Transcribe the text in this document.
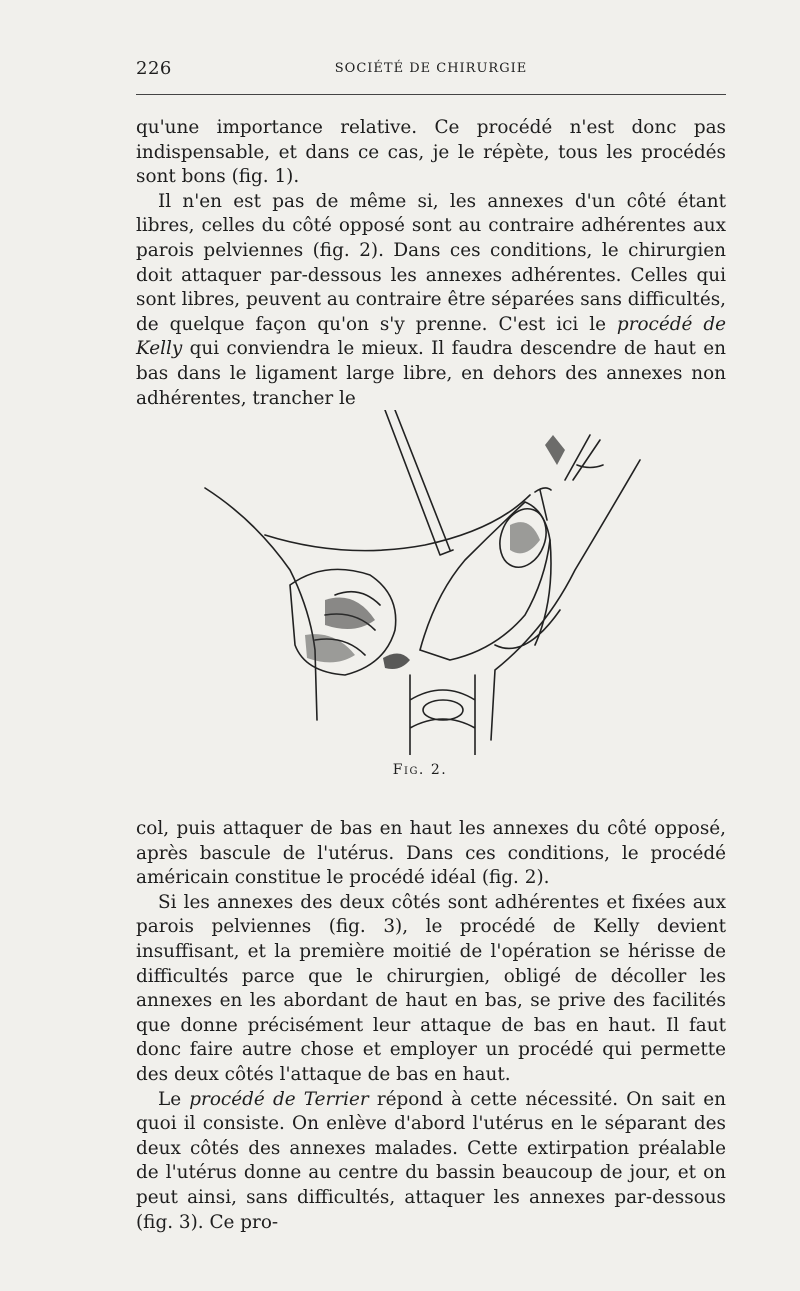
226	SOCIÉTÉ DE CHIRURGIE

qu'une importance relative. Ce procédé n'est donc pas indispensable, et dans ce cas, je le répète, tous les procédés sont bons (fig. 1).

Il n'en est pas de même si, les annexes d'un côté étant libres, celles du côté opposé sont au contraire adhérentes aux parois pelviennes (fig. 2). Dans ces conditions, le chirurgien doit attaquer par-dessous les annexes adhérentes. Celles qui sont libres, peuvent au contraire être séparées sans difficultés, de quelque façon qu'on s'y prenne. C'est ici le procédé de Kelly qui conviendra le mieux. Il faudra descendre de haut en bas dans le ligament large libre, en dehors des annexes non adhérentes, trancher le

Fig. 2.

col, puis attaquer de bas en haut les annexes du côté opposé, après bascule de l'utérus. Dans ces conditions, le procédé américain constitue le procédé idéal (fig. 2).

Si les annexes des deux côtés sont adhérentes et fixées aux parois pelviennes (fig. 3), le procédé de Kelly devient insuffisant, et la première moitié de l'opération se hérisse de difficultés parce que le chirurgien, obligé de décoller les annexes en les abordant de haut en bas, se prive des facilités que donne précisément leur attaque de bas en haut. Il faut donc faire autre chose et employer un procédé qui permette des deux côtés l'attaque de bas en haut.

Le procédé de Terrier répond à cette nécessité. On sait en quoi il consiste. On enlève d'abord l'utérus en le séparant des deux côtés des annexes malades. Cette extirpation préalable de l'utérus donne au centre du bassin beaucoup de jour, et on peut ainsi, sans difficultés, attaquer les annexes par-dessous (fig. 3). Ce pro-
